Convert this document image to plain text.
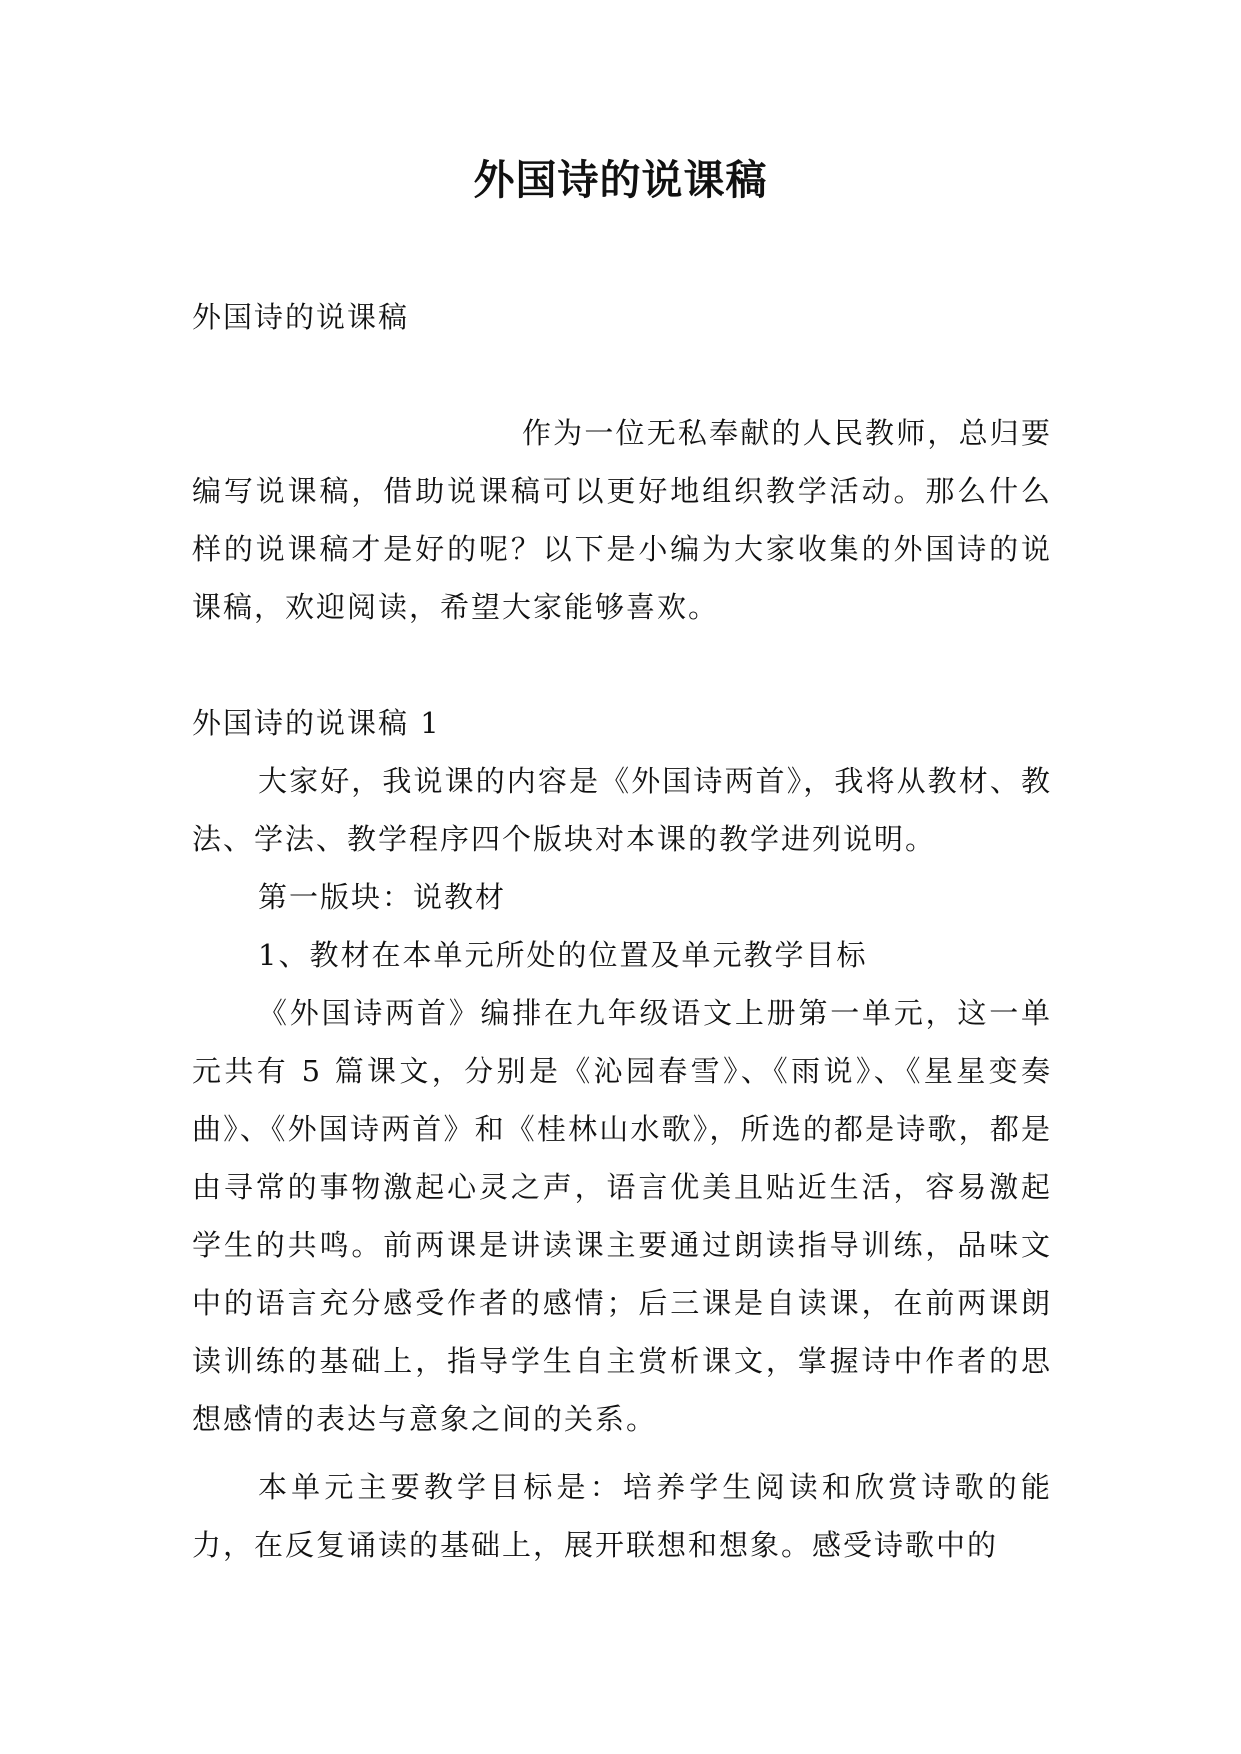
外国诗的说课稿

外国诗的说课稿

作为一位无私奉献的人民教师，总归要编写说课稿，借助说课稿可以更好地组织教学活动。那么什么样的说课稿才是好的呢？以下是小编为大家收集的外国诗的说课稿，欢迎阅读，希望大家能够喜欢。

外国诗的说课稿 1

大家好，我说课的内容是《外国诗两首》，我将从教材、教法、学法、教学程序四个版块对本课的教学进列说明。

第一版块：说教材

1、教材在本单元所处的位置及单元教学目标

《外国诗两首》编排在九年级语文上册第一单元，这一单元共有 5 篇课文，分别是《沁园春雪》、《雨说》、《星星变奏曲》、《外国诗两首》和《桂林山水歌》，所选的都是诗歌，都是由寻常的事物激起心灵之声，语言优美且贴近生活，容易激起学生的共鸣。前两课是讲读课主要通过朗读指导训练，品味文中的语言充分感受作者的感情；后三课是自读课，在前两课朗读训练的基础上，指导学生自主赏析课文，掌握诗中作者的思想感情的表达与意象之间的关系。

本单元主要教学目标是：培养学生阅读和欣赏诗歌的能力，在反复诵读的基础上，展开联想和想象。感受诗歌中的
